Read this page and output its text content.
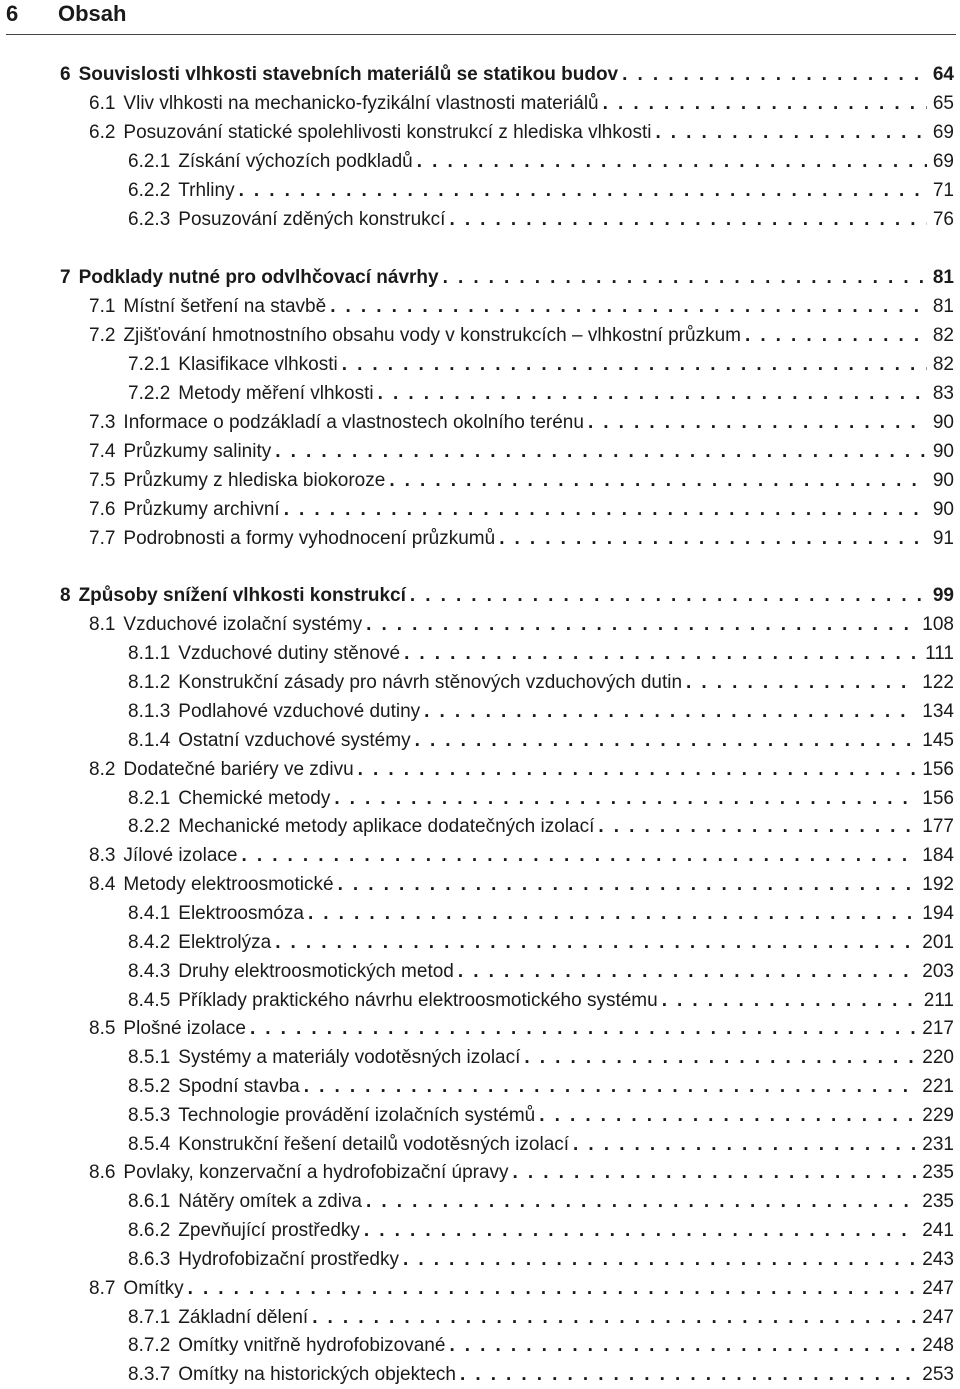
6 Obsah
6 Souvislosti vlhkosti stavebních materiálů se statikou budov . . .	64
6.1 Vliv vlhkosti na mechanicko-fyzikální vlastnosti materiálů . . .	65
6.2 Posuzování statické spolehlivosti konstrukcí z hlediska vlhkosti . . .	69
6.2.1 Získání výchozích podkladů . . .	69
6.2.2 Trhliny . . .	71
6.2.3 Posuzování zděných konstrukcí . . .	76
7 Podklady nutné pro odvlhčovací návrhy . . .	81
7.1 Místní šetření na stavbě . . .	81
7.2 Zjišťování hmotnostního obsahu vody v konstrukcích – vlhkostní průzkum . . .	82
7.2.1 Klasifikace vlhkosti . . .	82
7.2.2 Metody měření vlhkosti . . .	83
7.3 Informace o podzákladí a vlastnostech okolního terénu . . .	90
7.4 Průzkumy salinity . . .	90
7.5 Průzkumy z hlediska biokoroze . . .	90
7.6 Průzkumy archivní . . .	90
7.7 Podrobnosti a formy vyhodnocení průzkumů . . .	91
8 Způsoby snížení vlhkosti konstrukcí . . .	99
8.1 Vzduchové izolační systémy . . .	108
8.1.1 Vzduchové dutiny stěnové . . .	111
8.1.2 Konstrukční zásady pro návrh stěnových vzduchových dutin . . .	122
8.1.3 Podlahové vzduchové dutiny . . .	134
8.1.4 Ostatní vzduchové systémy . . .	145
8.2 Dodatečné bariéry ve zdivu . . .	156
8.2.1 Chemické metody . . .	156
8.2.2 Mechanické metody aplikace dodatečných izolací . . .	177
8.3 Jílové izolace . . .	184
8.4 Metody elektroosmotické . . .	192
8.4.1 Elektroosmóza . . .	194
8.4.2 Elektrolýza . . .	201
8.4.3 Druhy elektroosmotických metod . . .	203
8.4.5 Příklady praktického návrhu elektroosmotického systému . . .	211
8.5 Plošné izolace . . .	217
8.5.1 Systémy a materiály vodotěsných izolací . . .	220
8.5.2 Spodní stavba . . .	221
8.5.3 Technologie provádění izolačních systémů . . .	229
8.5.4 Konstrukční řešení detailů vodotěsných izolací . . .	231
8.6 Povlaky, konzervační a hydrofobizační úpravy . . .	235
8.6.1 Nátěry omítek a zdiva . . .	235
8.6.2 Zpevňující prostředky . . .	241
8.6.3 Hydrofobizační prostředky . . .	243
8.7 Omítky . . .	247
8.7.1 Základní dělení . . .	247
8.7.2 Omítky vnitřně hydrofobizované . . .	248
8.3.7 Omítky na historických objektech . . .	253
